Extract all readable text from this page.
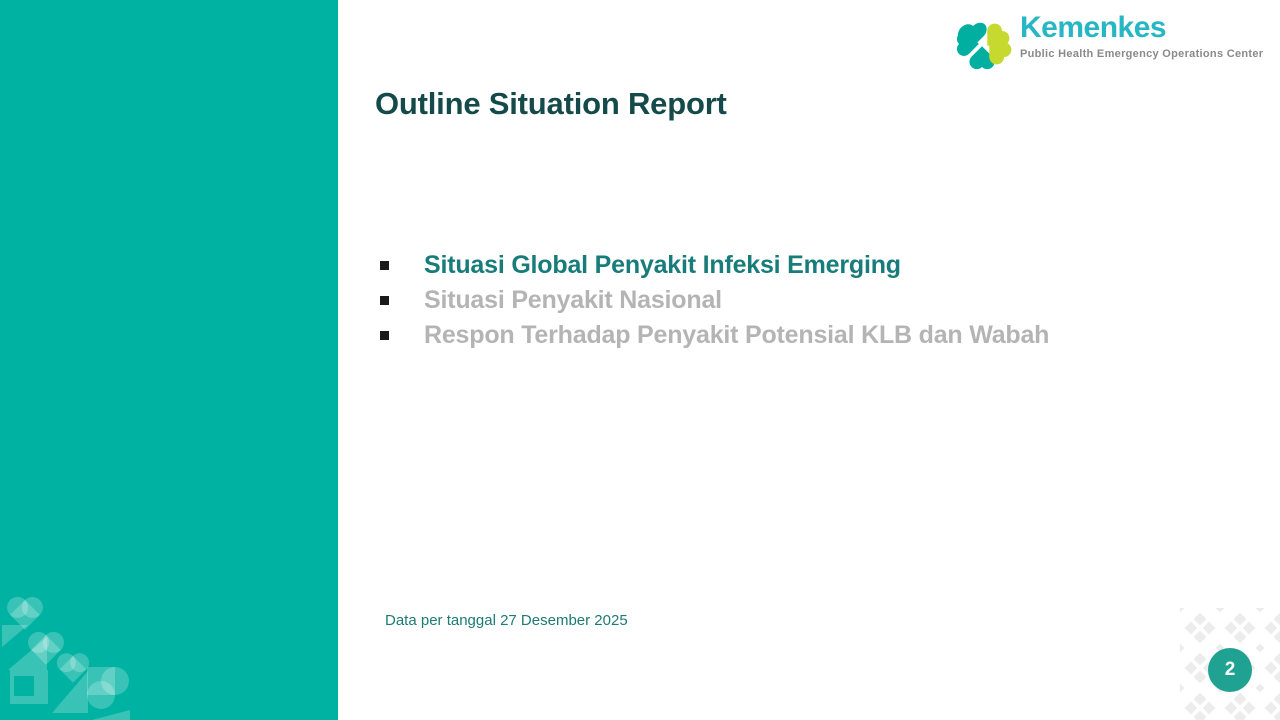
Kemenkes
Public Health Emergency Operations Center
Outline Situation Report
Situasi Global Penyakit Infeksi Emerging
Situasi Penyakit Nasional
Respon Terhadap Penyakit Potensial KLB dan Wabah
Data per tanggal 27 Desember 2025
2
